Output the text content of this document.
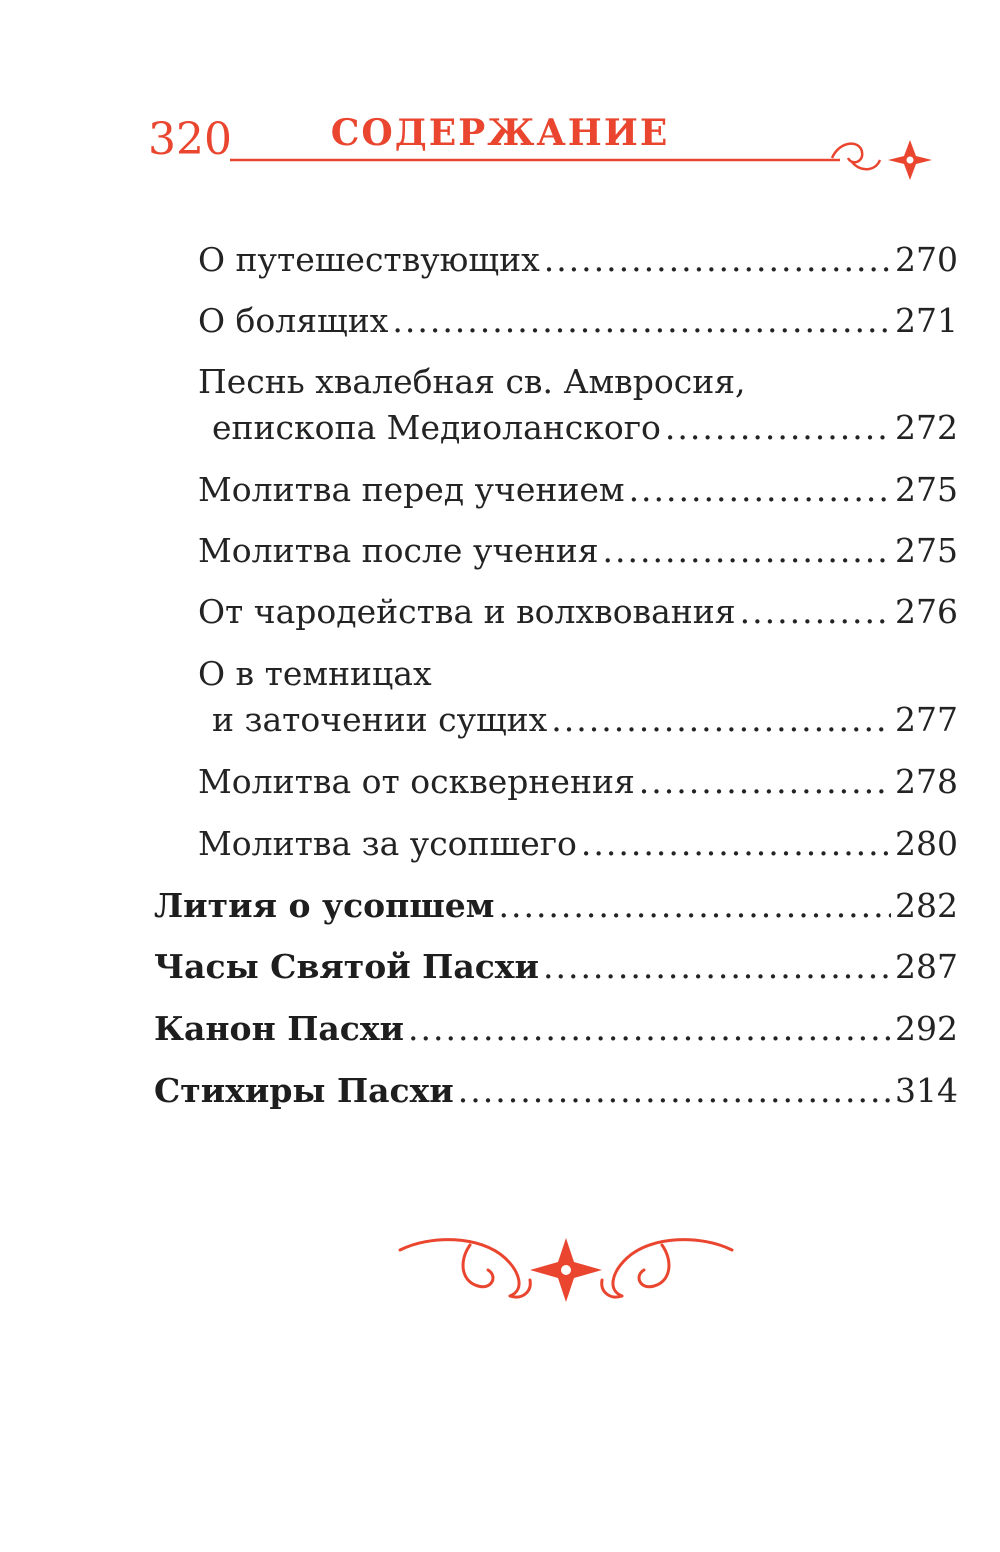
320	СОДЕРЖАНИЕ
О путешествующих .....	270
О болящих .....	271
Песнь хвалебная св. Амвросия,
епископа Медиоланского .....	272
Молитва перед учением .....	275
Молитва после учения .....	275
От чародейства и волхвования .....	276
О в темницах
и заточении сущих .....	277
Молитва от осквернения .....	278
Молитва за усопшего .....	280
Лития о усопшем .....	282
Часы Святой Пасхи .....	287
Канон Пасхи .....	292
Стихиры Пасхи .....	314
